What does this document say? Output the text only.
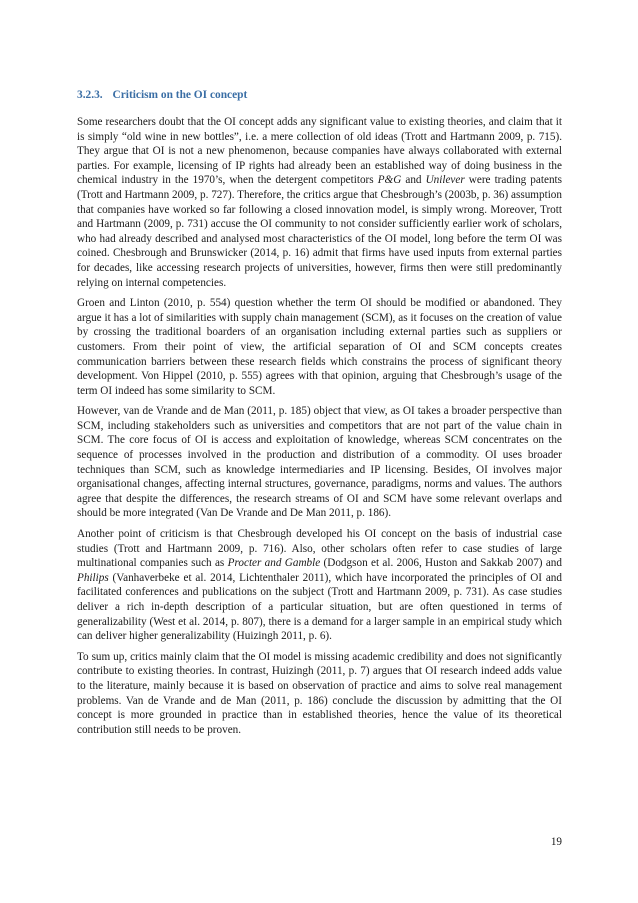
3.2.3. Criticism on the OI concept

Some researchers doubt that the OI concept adds any significant value to existing theories, and claim that it is simply “old wine in new bottles”, i.e. a mere collection of old ideas (Trott and Hartmann 2009, p. 715). They argue that OI is not a new phenomenon, because companies have always collaborated with external parties. For example, licensing of IP rights had already been an established way of doing business in the chemical industry in the 1970’s, when the detergent competitors P&G and Unilever were trading patents (Trott and Hartmann 2009, p. 727). Therefore, the critics argue that Chesbrough’s (2003b, p. 36) assumption that companies have worked so far following a closed innovation model, is simply wrong. Moreover, Trott and Hartmann (2009, p. 731) accuse the OI community to not consider sufficiently earlier work of scholars, who had already described and analysed most characteristics of the OI model, long before the term OI was coined. Chesbrough and Brunswicker (2014, p. 16) admit that firms have used inputs from external parties for decades, like accessing research projects of universities, however, firms then were still predominantly relying on internal competencies.

Groen and Linton (2010, p. 554) question whether the term OI should be modified or abandoned. They argue it has a lot of similarities with supply chain management (SCM), as it focuses on the creation of value by crossing the traditional boarders of an organisation including external parties such as suppliers or customers. From their point of view, the artificial separation of OI and SCM concepts creates communication barriers between these research fields which constrains the process of significant theory development. Von Hippel (2010, p. 555) agrees with that opinion, arguing that Chesbrough’s usage of the term OI indeed has some similarity to SCM.

However, van de Vrande and de Man (2011, p. 185) object that view, as OI takes a broader perspective than SCM, including stakeholders such as universities and competitors that are not part of the value chain in SCM. The core focus of OI is access and exploitation of knowledge, whereas SCM concentrates on the sequence of processes involved in the production and distribution of a commodity. OI uses broader techniques than SCM, such as knowledge intermediaries and IP licensing. Besides, OI involves major organisational changes, affecting internal structures, governance, paradigms, norms and values. The authors agree that despite the differences, the research streams of OI and SCM have some relevant overlaps and should be more integrated (Van De Vrande and De Man 2011, p. 186).

Another point of criticism is that Chesbrough developed his OI concept on the basis of industrial case studies (Trott and Hartmann 2009, p. 716). Also, other scholars often refer to case studies of large multinational companies such as Procter and Gamble (Dodgson et al. 2006, Huston and Sakkab 2007) and Philips (Vanhaverbeke et al. 2014, Lichtenthaler 2011), which have incorporated the principles of OI and facilitated conferences and publications on the subject (Trott and Hartmann 2009, p. 731). As case studies deliver a rich in-depth description of a particular situation, but are often questioned in terms of generalizability (West et al. 2014, p. 807), there is a demand for a larger sample in an empirical study which can deliver higher generalizability (Huizingh 2011, p. 6).

To sum up, critics mainly claim that the OI model is missing academic credibility and does not significantly contribute to existing theories. In contrast, Huizingh (2011, p. 7) argues that OI research indeed adds value to the literature, mainly because it is based on observation of practice and aims to solve real management problems. Van de Vrande and de Man (2011, p. 186) conclude the discussion by admitting that the OI concept is more grounded in practice than in established theories, hence the value of its theoretical contribution still needs to be proven.

19
